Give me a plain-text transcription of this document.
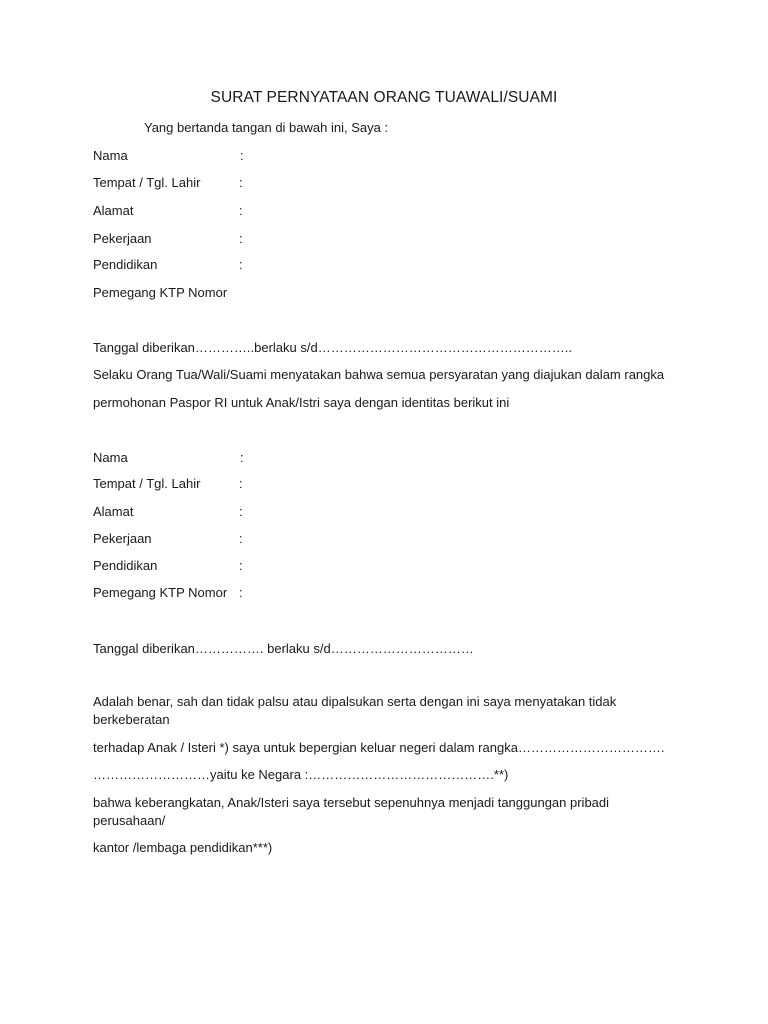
SURAT PERNYATAAN ORANG TUAWALI/SUAMI
Yang bertanda tangan di bawah ini, Saya :
Nama	:
Tempat / Tgl. Lahir	:
Alamat	:
Pekerjaan	:
Pendidikan	:
Pemegang KTP Nomor
Tanggal diberikan…………..berlaku s/d…………………………………………………..
Selaku Orang Tua/Wali/Suami menyatakan bahwa semua persyaratan yang diajukan dalam rangka
permohonan Paspor RI untuk Anak/Istri saya dengan identitas berikut ini
Nama	:
Tempat / Tgl. Lahir	:
Alamat	:
Pekerjaan	:
Pendidikan	:
Pemegang KTP Nomor :
Tanggal diberikan……………. berlaku s/d……………………………
Adalah benar, sah dan tidak palsu atau dipalsukan serta dengan ini saya menyatakan tidak berkeberatan
terhadap Anak / Isteri *) saya untuk bepergian keluar negeri dalam rangka…………………………….
………………………yaitu ke Negara :…………………………………….**)
bahwa keberangkatan, Anak/Isteri saya tersebut sepenuhnya menjadi tanggungan pribadi perusahaan/
kantor /lembaga pendidikan***)
